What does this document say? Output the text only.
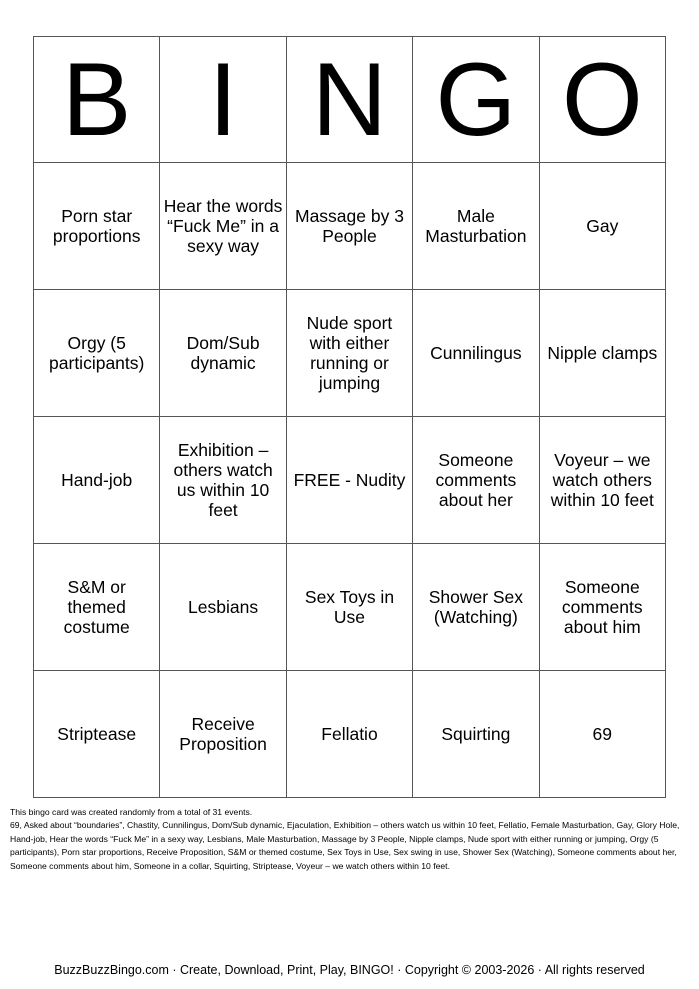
B	I	N	G	O

Porn star proportions	Hear the words “Fuck Me” in a sexy way	Massage by 3 People	Male Masturbation	Gay

Orgy (5 participants)	Dom/Sub dynamic	Nude sport with either running or jumping	Cunnilingus	Nipple clamps

Hand-job	Exhibition – others watch us within 10 feet	FREE - Nudity	Someone comments about her	Voyeur – we watch others within 10 feet

S&M or themed costume	Lesbians	Sex Toys in Use	Shower Sex (Watching)	Someone comments about him

Striptease	Receive Proposition	Fellatio	Squirting	69

This bingo card was created randomly from a total of 31 events.

69, Asked about “boundaries”, Chastity, Cunnilingus, Dom/Sub dynamic, Ejaculation, Exhibition – others watch us within 10 feet, Fellatio, Female Masturbation, Gay, Glory Hole, Hand-job, Hear the words “Fuck Me” in a sexy way, Lesbians, Male Masturbation, Massage by 3 People, Nipple clamps, Nude sport with either running or jumping, Orgy (5 participants), Porn star proportions, Receive Proposition, S&M or themed costume, Sex Toys in Use, Sex swing in use, Shower Sex (Watching), Someone comments about her, Someone comments about him, Someone in a collar, Squirting, Striptease, Voyeur – we watch others within 10 feet.

BuzzBuzzBingo.com · Create, Download, Print, Play, BINGO! · Copyright © 2003-2026 · All rights reserved
